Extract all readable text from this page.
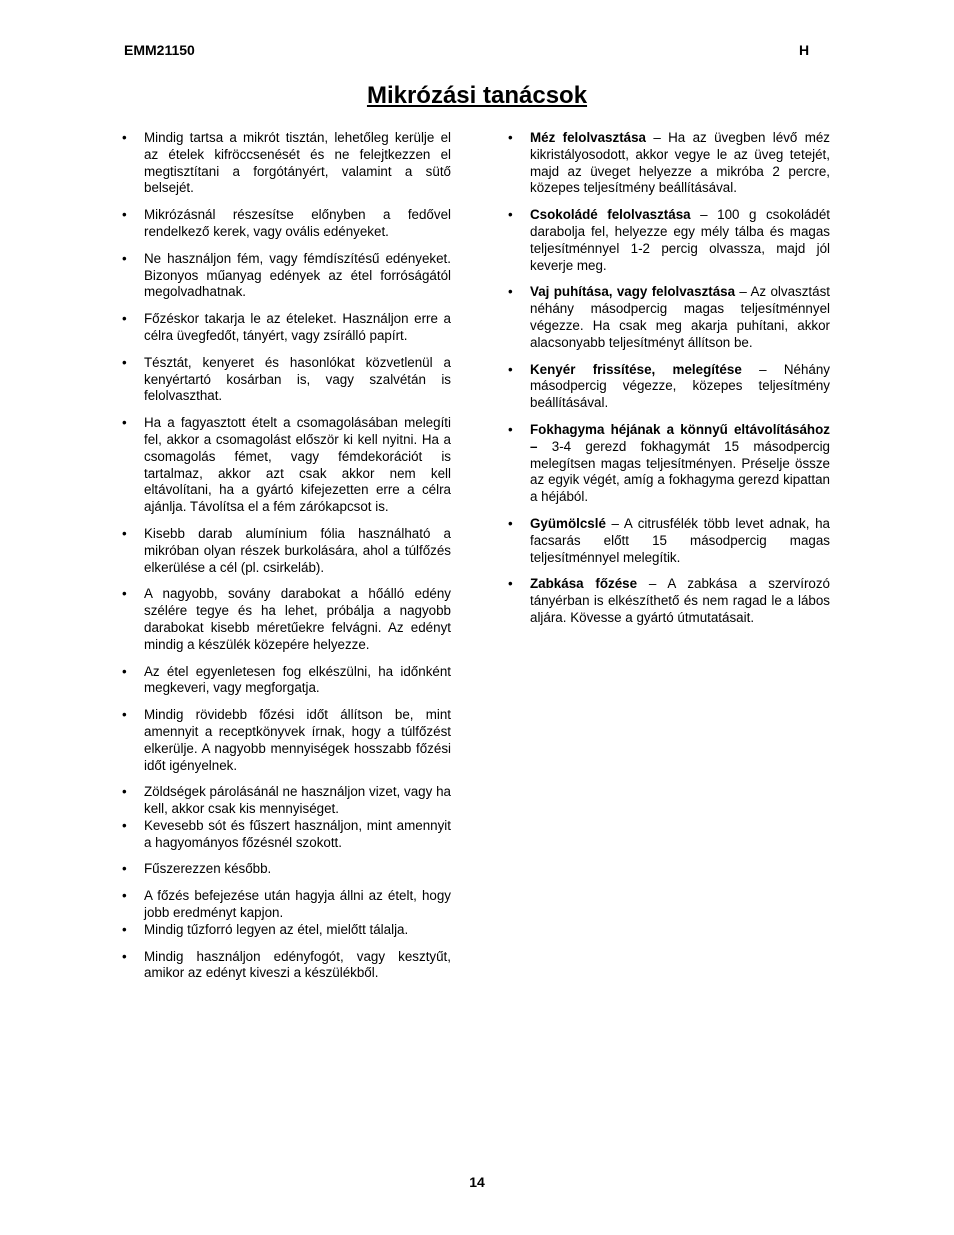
EMM21150	H
Mikrózási tanácsok
• Mindig tartsa a mikrót tisztán, lehetőleg kerülje el az ételek kifröccsenését és ne felejtkezzen el megtisztítani a forgótányért, valamint a sütő belsejét.
• Mikrózásnál részesítse előnyben a fedővel rendelkező kerek, vagy ovális edényeket.
• Ne használjon fém, vagy fémdíszítésű edényeket. Bizonyos műanyag edények az étel forróságától megolvadhatnak.
• Főzéskor takarja le az ételeket. Használjon erre a célra üvegfedőt, tányért, vagy zsírálló papírt.
• Tésztát, kenyeret és hasonlókat közvetlenül a kenyértartó kosárban is, vagy szalvétán is felolvaszthat.
• Ha a fagyasztott ételt a csomagolásában melegíti fel, akkor a csomagolást először ki kell nyitni. Ha a csomagolás fémet, vagy fémdekorációt is tartalmaz, akkor azt csak akkor nem kell eltávolítani, ha a gyártó kifejezetten erre a célra ajánlja. Távolítsa el a fém zárókapcsot is.
• Kisebb darab alumínium fólia használható a mikróban olyan részek burkolására, ahol a túlfőzés elkerülése a cél (pl. csirkeláb).
• A nagyobb, sovány darabokat a hőálló edény szélére tegye és ha lehet, próbálja a nagyobb darabokat kisebb méretűekre felvágni. Az edényt mindig a készülék közepére helyezze.
• Az étel egyenletesen fog elkészülni, ha időnként megkeveri, vagy megforgatja.
• Mindig rövidebb főzési időt állítson be, mint amennyit a receptkönyvek írnak, hogy a túlfőzést elkerülje. A nagyobb mennyiségek hosszabb főzési időt igényelnek.
• Zöldségek párolásánál ne használjon vizet, vagy ha kell, akkor csak kis mennyiséget.
• Kevesebb sót és fűszert használjon, mint amennyit a hagyományos főzésnél szokott.
• Fűszerezzen később.
• A főzés befejezése után hagyja állni az ételt, hogy jobb eredményt kapjon.
• Mindig tűzforró legyen az étel, mielőtt tálalja.
• Mindig használjon edényfogót, vagy kesztyűt, amikor az edényt kiveszi a készülékből.
• Méz felolvasztása – Ha az üvegben lévő méz kikristályosodott, akkor vegye le az üveg tetejét, majd az üveget helyezze a mikróba 2 percre, közepes teljesítmény beállításával.
• Csokoládé felolvasztása – 100 g csokoládét darabolja fel, helyezze egy mély tálba és magas teljesítménnyel 1-2 percig olvassza, majd jól keverje meg.
• Vaj puhítása, vagy felolvasztása – Az olvasztást néhány másodpercig magas teljesítménnyel végezze. Ha csak meg akarja puhítani, akkor alacsonyabb teljesítményt állítson be.
• Kenyér frissítése, melegítése – Néhány másodpercig végezze, közepes teljesítmény beállításával.
• Fokhagyma héjának a könnyű eltávolításához – 3-4 gerezd fokhagymát 15 másodpercig melegítsen magas teljesítményen. Préselje össze az egyik végét, amíg a fokhagyma gerezd kipattan a héjából.
• Gyümölcslé – A citrusfélék több levet adnak, ha facsarás előtt 15 másodpercig magas teljesítménnyel melegítik.
• Zabkása főzése – A zabkása a szervírozó tányérban is elkészíthető és nem ragad le a lábos aljára. Kövesse a gyártó útmutatásait.
14
